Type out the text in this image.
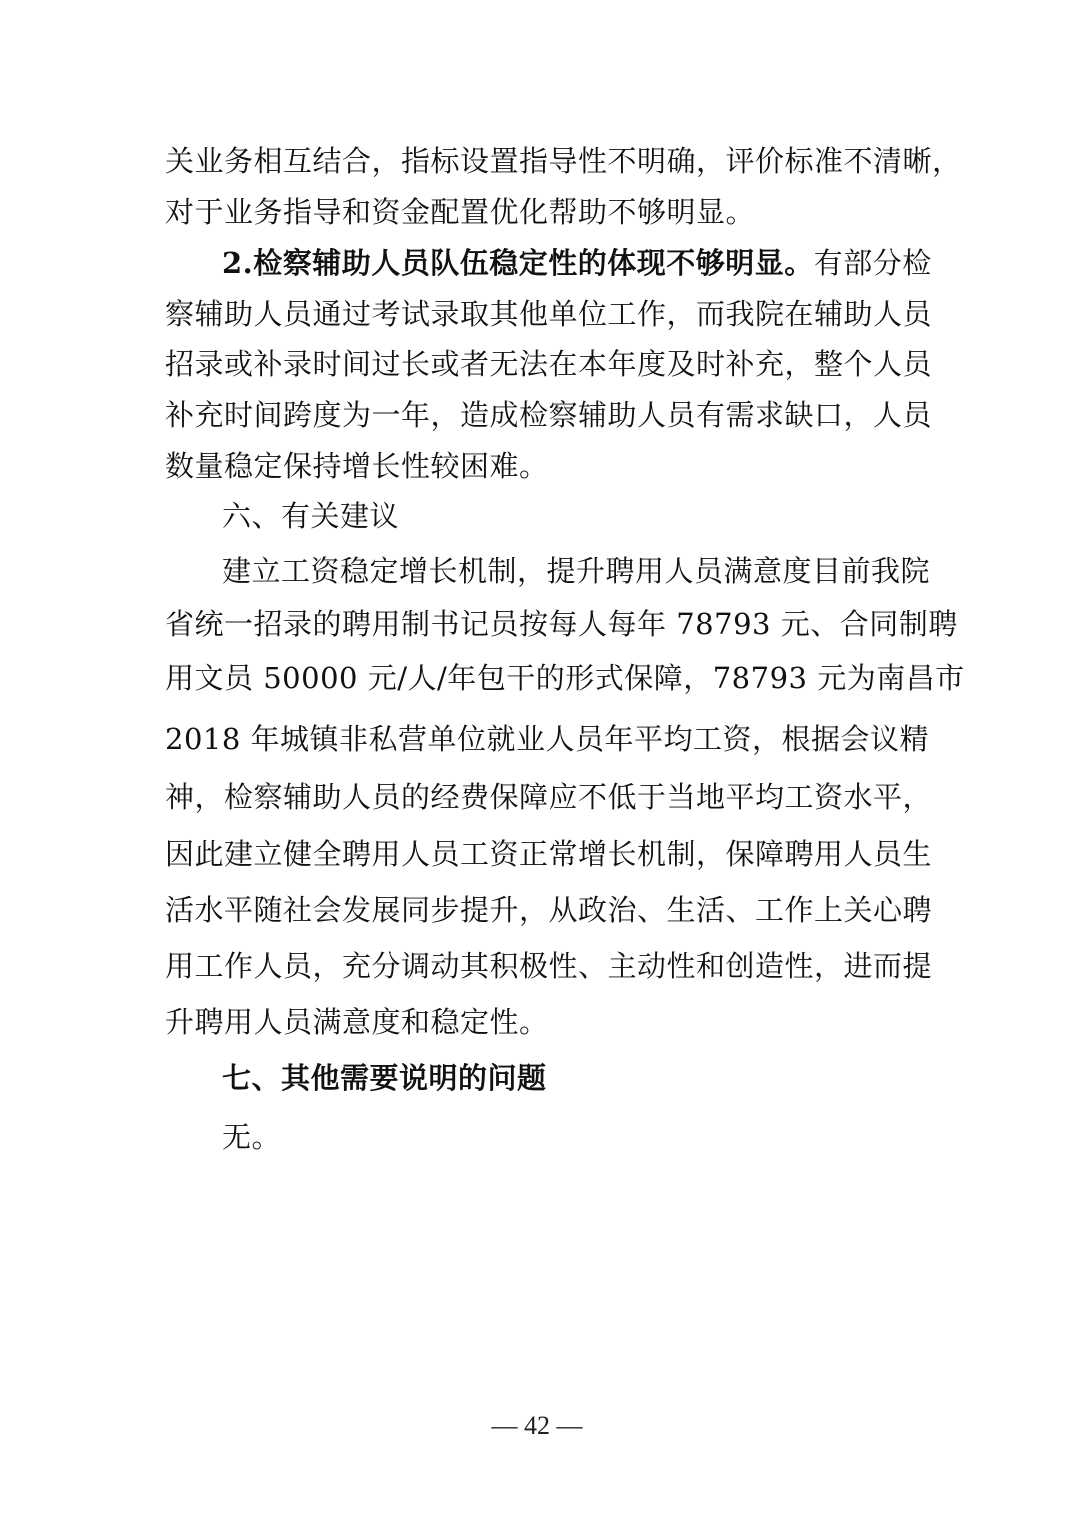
关业务相互结合，指标设置指导性不明确，评价标准不清晰，
对于业务指导和资金配置优化帮助不够明显。
2.检察辅助人员队伍稳定性的体现不够明显。有部分检
察辅助人员通过考试录取其他单位工作，而我院在辅助人员
招录或补录时间过长或者无法在本年度及时补充，整个人员
补充时间跨度为一年，造成检察辅助人员有需求缺口，人员
数量稳定保持增长性较困难。
六、有关建议
建立工资稳定增长机制，提升聘用人员满意度目前我院
省统一招录的聘用制书记员按每人每年 78793 元、合同制聘
用文员 50000 元/人/年包干的形式保障，78793 元为南昌市
2018 年城镇非私营单位就业人员年平均工资，根据会议精
神，检察辅助人员的经费保障应不低于当地平均工资水平，
因此建立健全聘用人员工资正常增长机制，保障聘用人员生
活水平随社会发展同步提升，从政治、生活、工作上关心聘
用工作人员，充分调动其积极性、主动性和创造性，进而提
升聘用人员满意度和稳定性。
七、其他需要说明的问题
无。
— 42 —
